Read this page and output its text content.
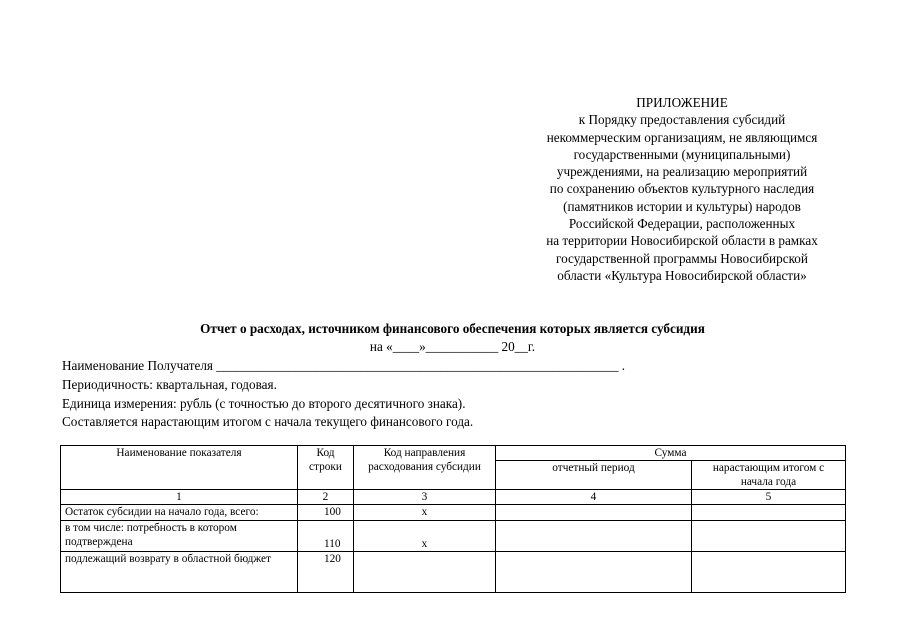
ПРИЛОЖЕНИЕ
к Порядку предоставления субсидий
некоммерческим организациям, не являющимся
государственными (муниципальными)
учреждениями, на реализацию мероприятий
по сохранению объектов культурного наследия
(памятников истории и культуры) народов
Российской Федерации, расположенных
на территории Новосибирской области в рамках
государственной программы Новосибирской
области «Культура Новосибирской области»
Отчет о расходах, источником финансового обеспечения которых является субсидия
на «____»___________ 20__г.
Наименование Получателя _____________________________________________________________ .
Периодичность: квартальная, годовая.
Единица измерения: рубль (с точностью до второго десятичного знака).
Составляется нарастающим итогом с начала текущего финансового года.
Наименование показателя	Код строки	Код направления расходования субсидии	Сумма	
			отчетный период	нарастающим итогом с начала года
1	2	3	4	5
Остаток субсидии на начало года, всего:	100	х		
в том числе: потребность в котором подтверждена	110	х		
подлежащий возврату в областной бюджет	120			
